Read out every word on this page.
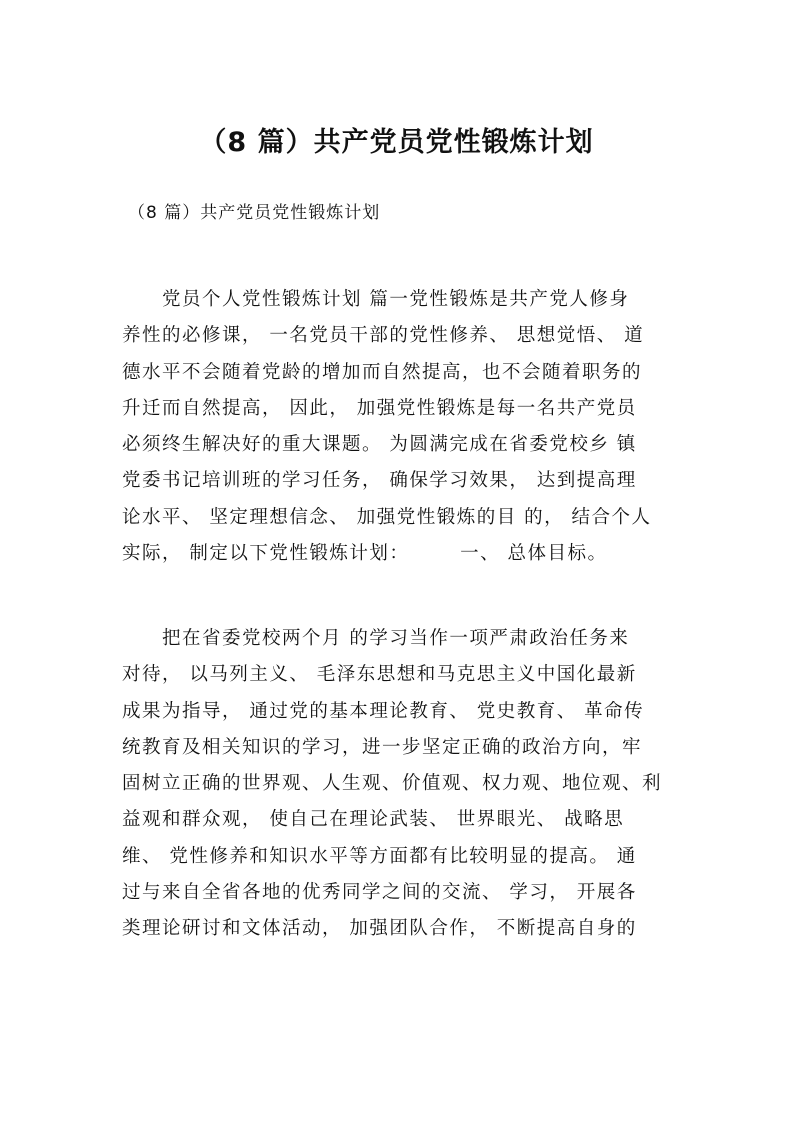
（8 篇）共产党员党性锻炼计划

（8 篇）共产党员党性锻炼计划

　　党员个人党性锻炼计划 篇一党性锻炼是共产党人修身
养性的必修课， 一名党员干部的党性修养、 思想觉悟、 道
德水平不会随着党龄的增加而自然提高，也不会随着职务的
升迁而自然提高， 因此， 加强党性锻炼是每一名共产党员
必须终生解决好的重大课题。 为圆满完成在省委党校乡 镇
党委书记培训班的学习任务， 确保学习效果， 达到提高理
论水平、 坚定理想信念、 加强党性锻炼的目 的， 结合个人
实际， 制定以下党性锻炼计划：　　　一、 总体目标。
　　把在省委党校两个月 的学习当作一项严肃政治任务来
对待， 以马列主义、 毛泽东思想和马克思主义中国化最新
成果为指导， 通过党的基本理论教育、 党史教育、 革命传
统教育及相关知识的学习，进一步坚定正确的政治方向，牢
固树立正确的世界观、人生观、价值观、权力观、地位观、利
益观和群众观， 使自己在理论武装、 世界眼光、 战略思
维、 党性修养和知识水平等方面都有比较明显的提高。 通
过与来自全省各地的优秀同学之间的交流、 学习， 开展各
类理论研讨和文体活动， 加强团队合作， 不断提高自身的
